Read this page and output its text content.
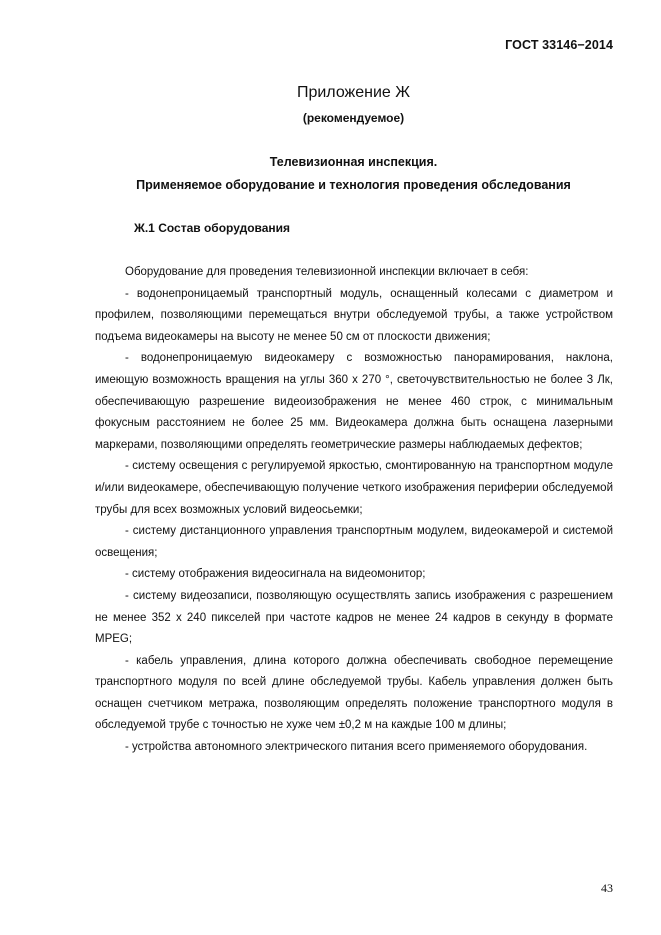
ГОСТ 33146−2014
Приложение Ж
(рекомендуемое)
Телевизионная инспекция.
Применяемое оборудование и технология проведения обследования
Ж.1 Состав оборудования

Оборудование для проведения телевизионной инспекции включает в себя:

- водонепроницаемый транспортный модуль, оснащенный колесами с диаметром и профилем, позволяющими перемещаться внутри обследуемой трубы, а также устройством подъема видеокамеры на высоту не менее 50 см от плоскости движения;

- водонепроницаемую видеокамеру с возможностью панорамирования, наклона, имеющую возможность вращения на углы 360 x 270 °, светочувствительностью не более 3 Лк, обеспечивающую разрешение видеоизображения не менее 460 строк, с минимальным фокусным расстоянием не более 25 мм. Видеокамера должна быть оснащена лазерными маркерами, позволяющими определять геометрические размеры наблюдаемых дефектов;

- систему освещения с регулируемой яркостью, смонтированную на транспортном модуле и/или видеокамере, обеспечивающую получение четкого изображения периферии обследуемой трубы для всех возможных условий видеосьемки;

- систему дистанционного управления транспортным модулем, видеокамерой и системой освещения;

- систему отображения видеосигнала на видеомонитор;

- систему видеозаписи, позволяющую осуществлять запись изображения с разрешением не менее 352 x 240 пикселей при частоте кадров не менее 24 кадров в секунду в формате MPEG;

- кабель управления, длина которого должна обеспечивать свободное перемещение транспортного модуля по всей длине обследуемой трубы. Кабель управления должен быть оснащен счетчиком метража, позволяющим определять положение транспортного модуля в обследуемой трубе с точностью не хуже чем ±0,2 м на каждые 100 м длины;

- устройства автономного электрического питания всего применяемого оборудования.

43
